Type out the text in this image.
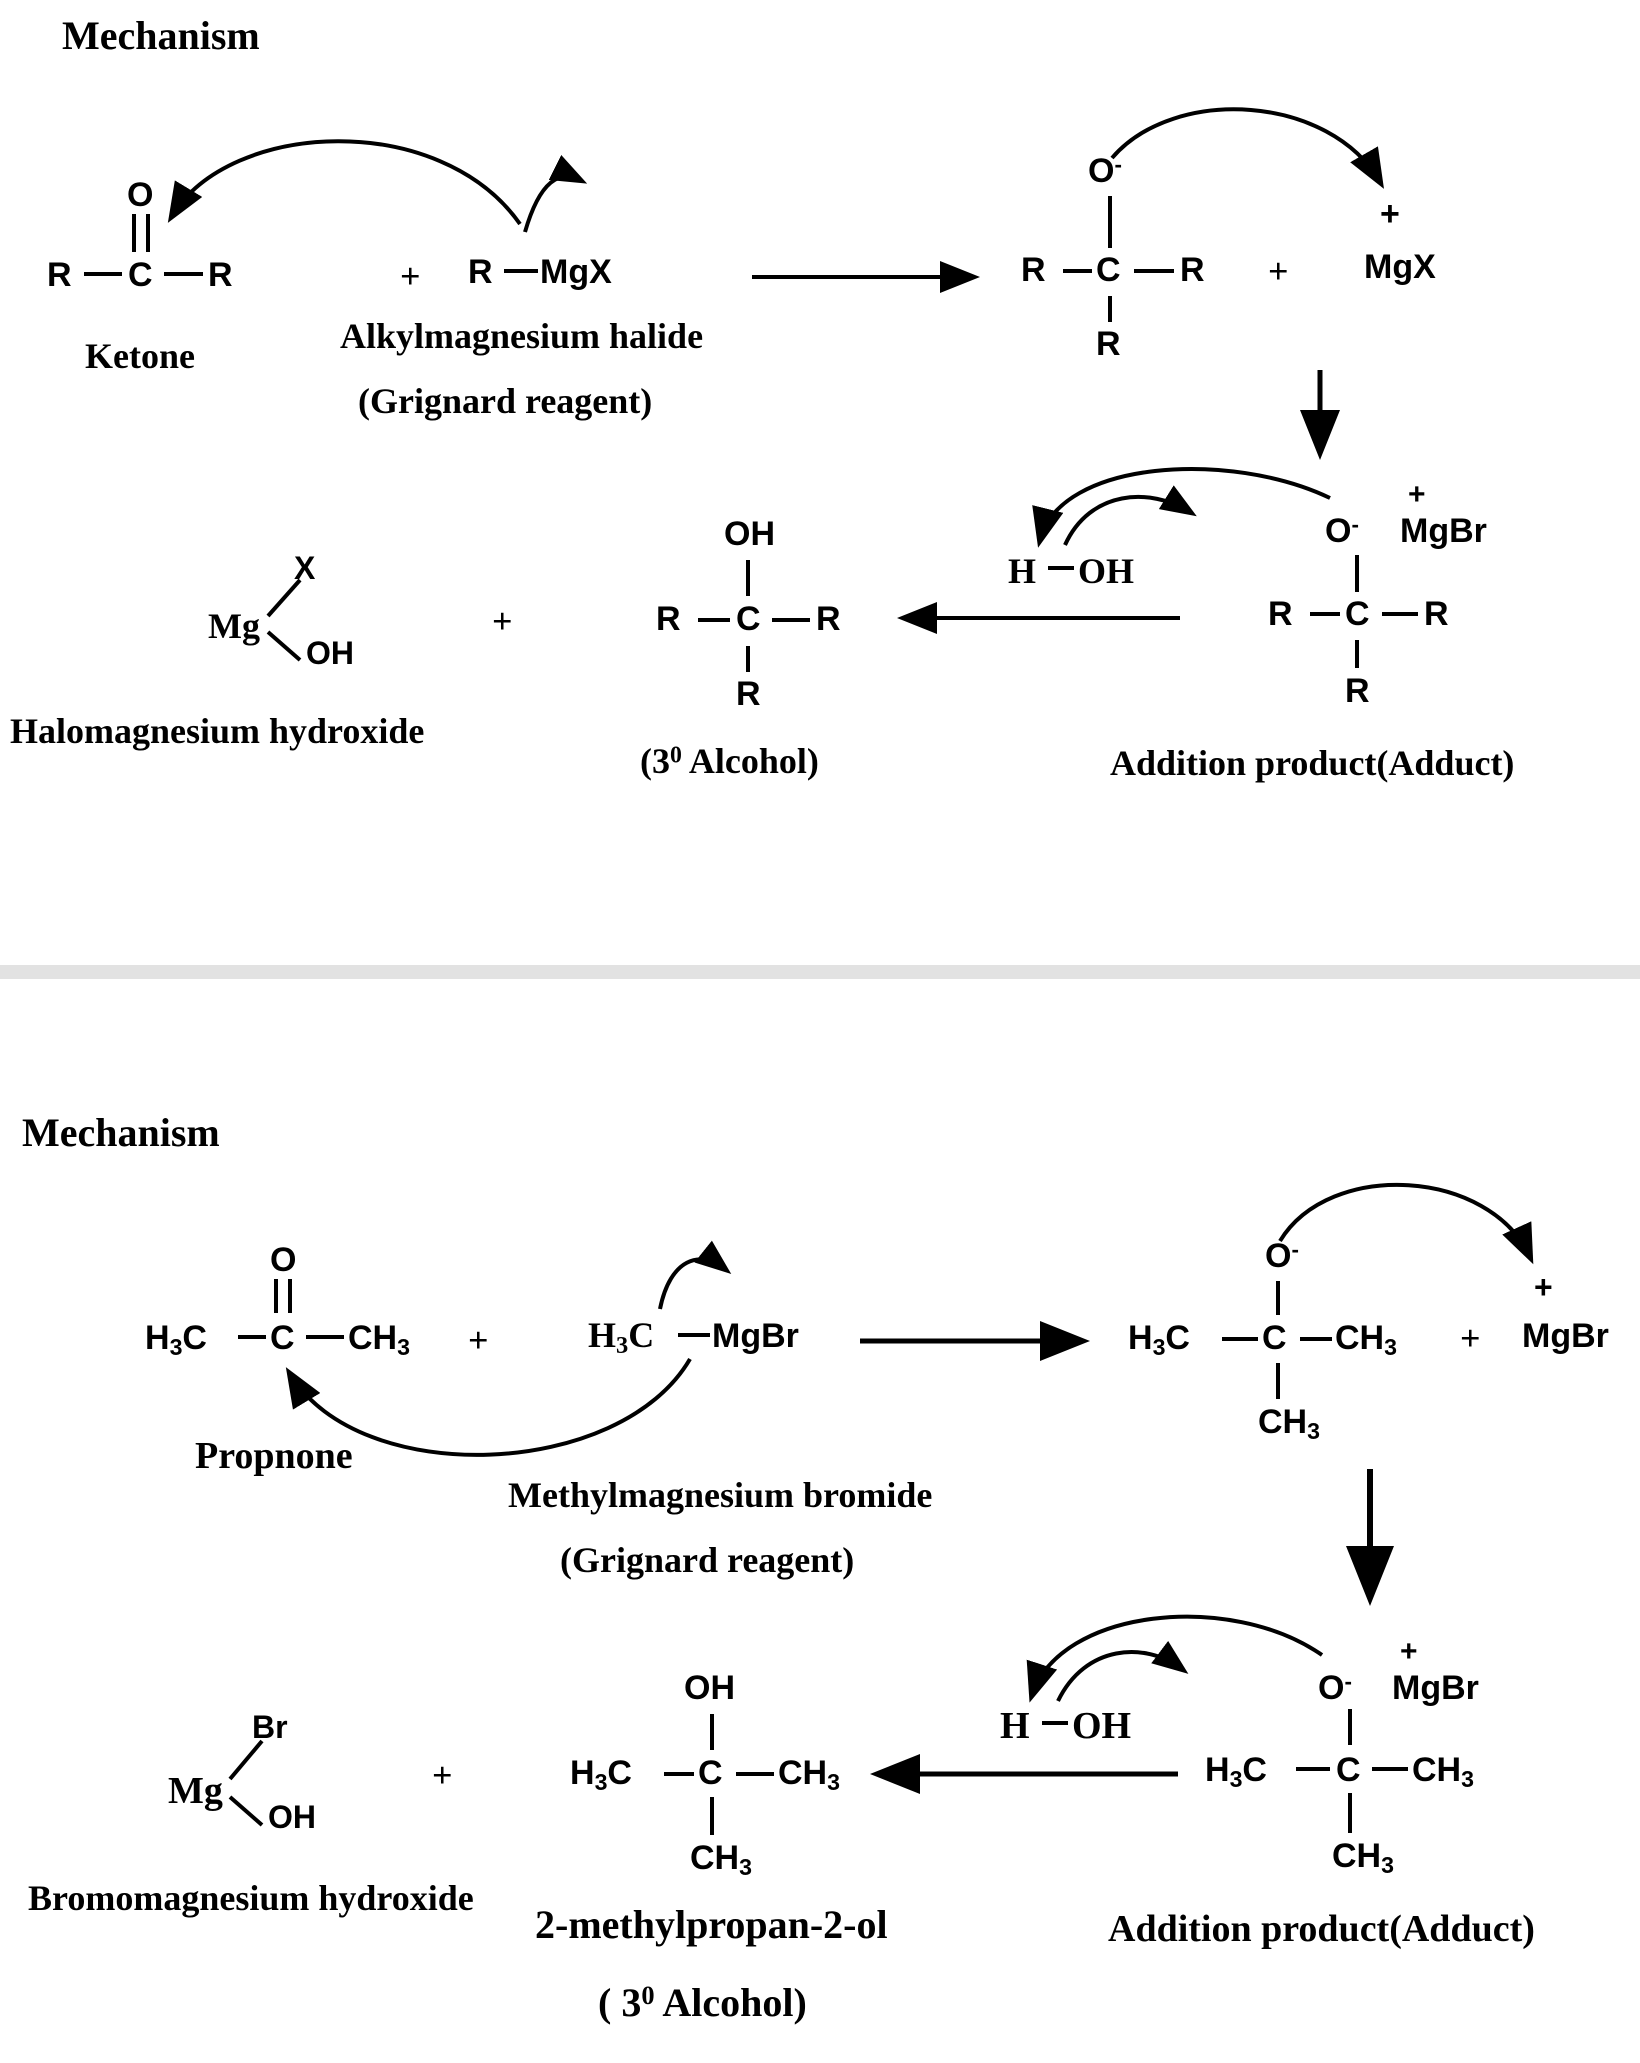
Mechanism
R C R
O
Ketone
+ R MgX
Alkylmagnesium halide
(Grignard reagent)
O-
R C R
R
+ MgX
+
O- MgBr
+
R C R
R
Addition product(Adduct)
H OH
OH
R C R
R
($3^0$ Alcohol)
Mg
X
OH
Halomagnesium hydroxide
+
Mechanism
$H_3C$ C $CH_3$
O
Propnone
+	$H_3C$ MgBr
Methylmagnesium bromide
(Grignard reagent)
O-
$H_3C$ C $CH_3$
$CH_3$
+ MgBr
+
O- MgBr
+
$H_3C$ C $CH_3$
$CH_3$
Addition product(Adduct)
H OH
OH
$H_3C$ C $CH_3$
$CH_3$
2-methylpropan-2-ol
( $3^0$ Alcohol)
Mg
Br
OH
Bromomagnesium hydroxide
+
